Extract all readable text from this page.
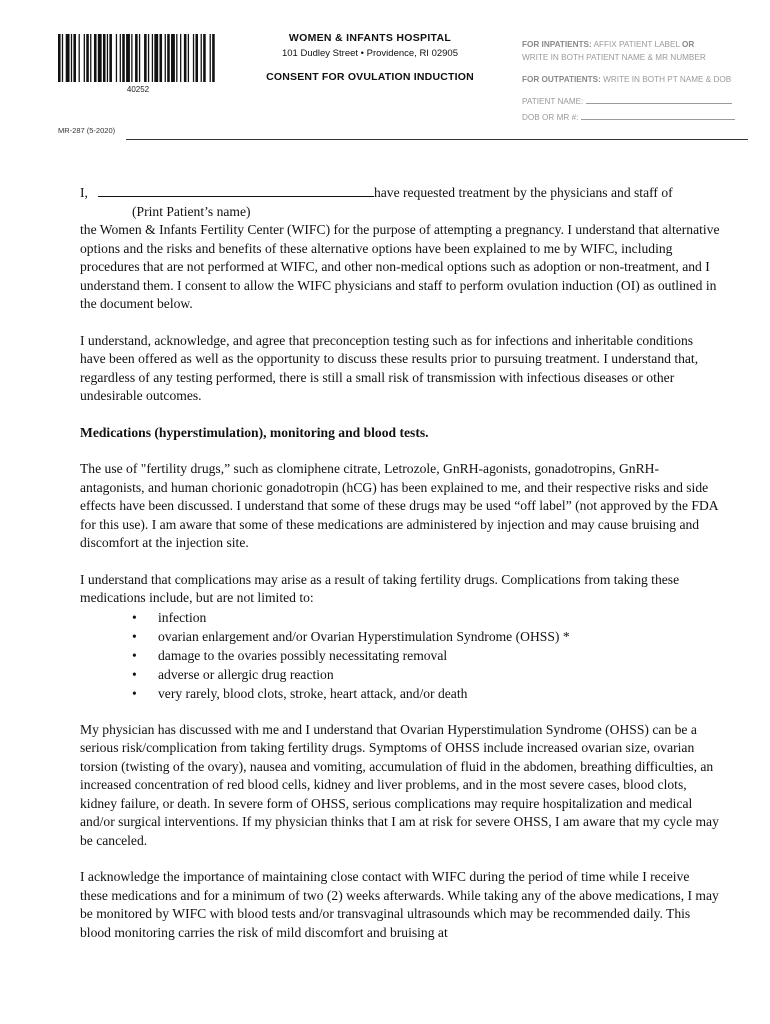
40252
WOMEN & INFANTS HOSPITAL
101 Dudley Street • Providence, RI 02905
CONSENT FOR OVULATION INDUCTION
FOR INPATIENTS: AFFIX PATIENT LABEL OR
WRITE IN BOTH PATIENT NAME & MR NUMBER
FOR OUTPATIENTS: WRITE IN BOTH PT NAME & DOB
PATIENT NAME:
DOB OR MR #:
MR-287 (5-2020)

I,	have requested treatment by the physicians and staff of
(Print Patient’s name)
the Women & Infants Fertility Center (WIFC) for the purpose of attempting a pregnancy. I understand that alternative options and the risks and benefits of these alternative options have been explained to me by WIFC, including procedures that are not performed at WIFC, and other non-medical options such as adoption or non-treatment, and I understand them. I consent to allow the WIFC physicians and staff to perform ovulation induction (OI) as outlined in the document below.

I understand, acknowledge, and agree that preconception testing such as for infections and inheritable conditions have been offered as well as the opportunity to discuss these results prior to pursuing treatment. I understand that, regardless of any testing performed, there is still a small risk of transmission with infectious diseases or other undesirable outcomes.

Medications (hyperstimulation), monitoring and blood tests.

The use of "fertility drugs,” such as clomiphene citrate, Letrozole, GnRH-agonists, gonadotropins, GnRH-antagonists, and human chorionic gonadotropin (hCG) has been explained to me, and their respective risks and side effects have been discussed. I understand that some of these drugs may be used “off label” (not approved by the FDA for this use). I am aware that some of these medications are administered by injection and may cause bruising and discomfort at the injection site.

I understand that complications may arise as a result of taking fertility drugs. Complications from taking these medications include, but are not limited to:

• infection
• ovarian enlargement and/or Ovarian Hyperstimulation Syndrome (OHSS) *
• damage to the ovaries possibly necessitating removal
• adverse or allergic drug reaction
• very rarely, blood clots, stroke, heart attack, and/or death

My physician has discussed with me and I understand that Ovarian Hyperstimulation Syndrome (OHSS) can be a serious risk/complication from taking fertility drugs. Symptoms of OHSS include increased ovarian size, ovarian torsion (twisting of the ovary), nausea and vomiting, accumulation of fluid in the abdomen, breathing difficulties, an increased concentration of red blood cells, kidney and liver problems, and in the most severe cases, blood clots, kidney failure, or death. In severe form of OHSS, serious complications may require hospitalization and medical and/or surgical interventions. If my physician thinks that I am at risk for severe OHSS, I am aware that my cycle may be canceled.

I acknowledge the importance of maintaining close contact with WIFC during the period of time while I receive these medications and for a minimum of two (2) weeks afterwards. While taking any of the above medications, I may be monitored by WIFC with blood tests and/or transvaginal ultrasounds which may be recommended daily. This blood monitoring carries the risk of mild discomfort and bruising at
